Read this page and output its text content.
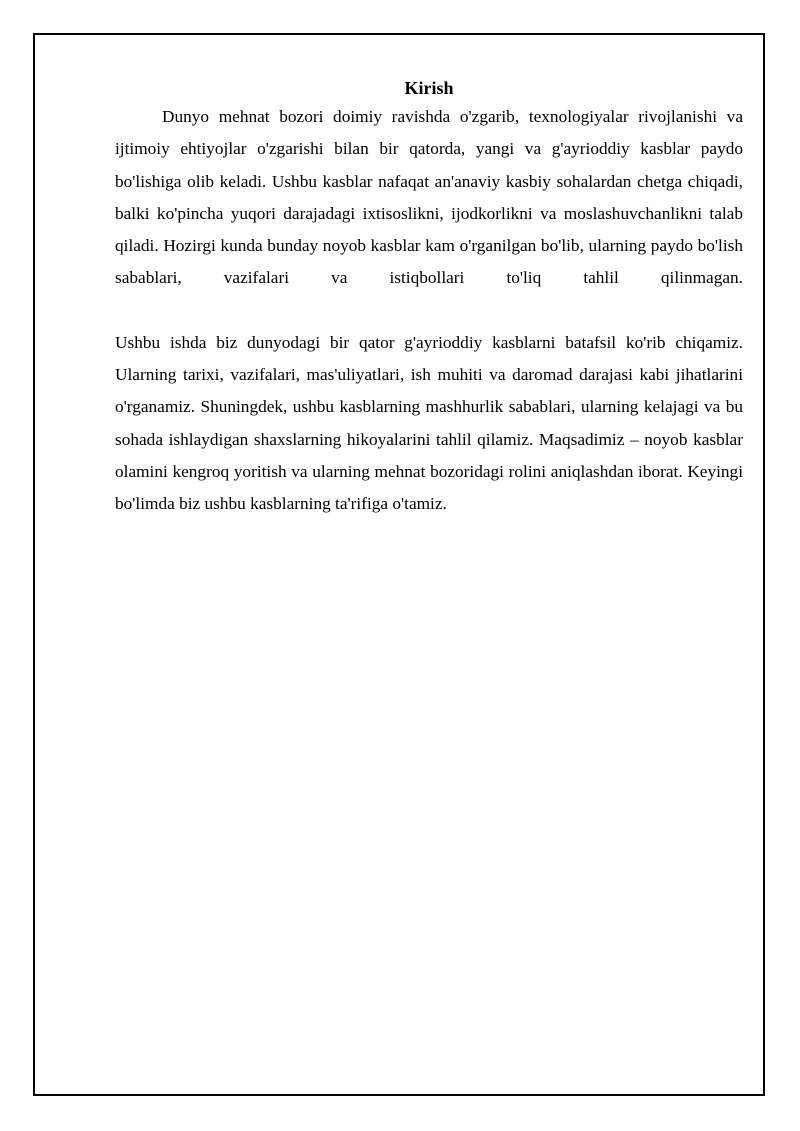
Kirish

Dunyo mehnat bozori doimiy ravishda o'zgarib, texnologiyalar rivojlanishi va ijtimoiy ehtiyojlar o'zgarishi bilan bir qatorda, yangi va g'ayrioddiy kasblar paydo bo'lishiga olib keladi. Ushbu kasblar nafaqat an'anaviy kasbiy sohalardan chetga chiqadi, balki ko'pincha yuqori darajadagi ixtisoslikni, ijodkorlikni va moslashuvchanlikni talab qiladi. Hozirgi kunda bunday noyob kasblar kam o'rganilgan bo'lib, ularning paydo bo'lish sabablari, vazifalari va istiqbollari to'liq tahlil qilinmagan.

Ushbu ishda biz dunyodagi bir qator g'ayrioddiy kasblarni batafsil ko'rib chiqamiz. Ularning tarixi, vazifalari, mas'uliyatlari, ish muhiti va daromad darajasi kabi jihatlarini o'rganamiz. Shuningdek, ushbu kasblarning mashhurlik sabablari, ularning kelajagi va bu sohada ishlaydigan shaxslarning hikoyalarini tahlil qilamiz. Maqsadimiz – noyob kasblar olamini kengroq yoritish va ularning mehnat bozoridagi rolini aniqlashdan iborat. Keyingi bo'limda biz ushbu kasblarning ta'rifiga o'tamiz.
